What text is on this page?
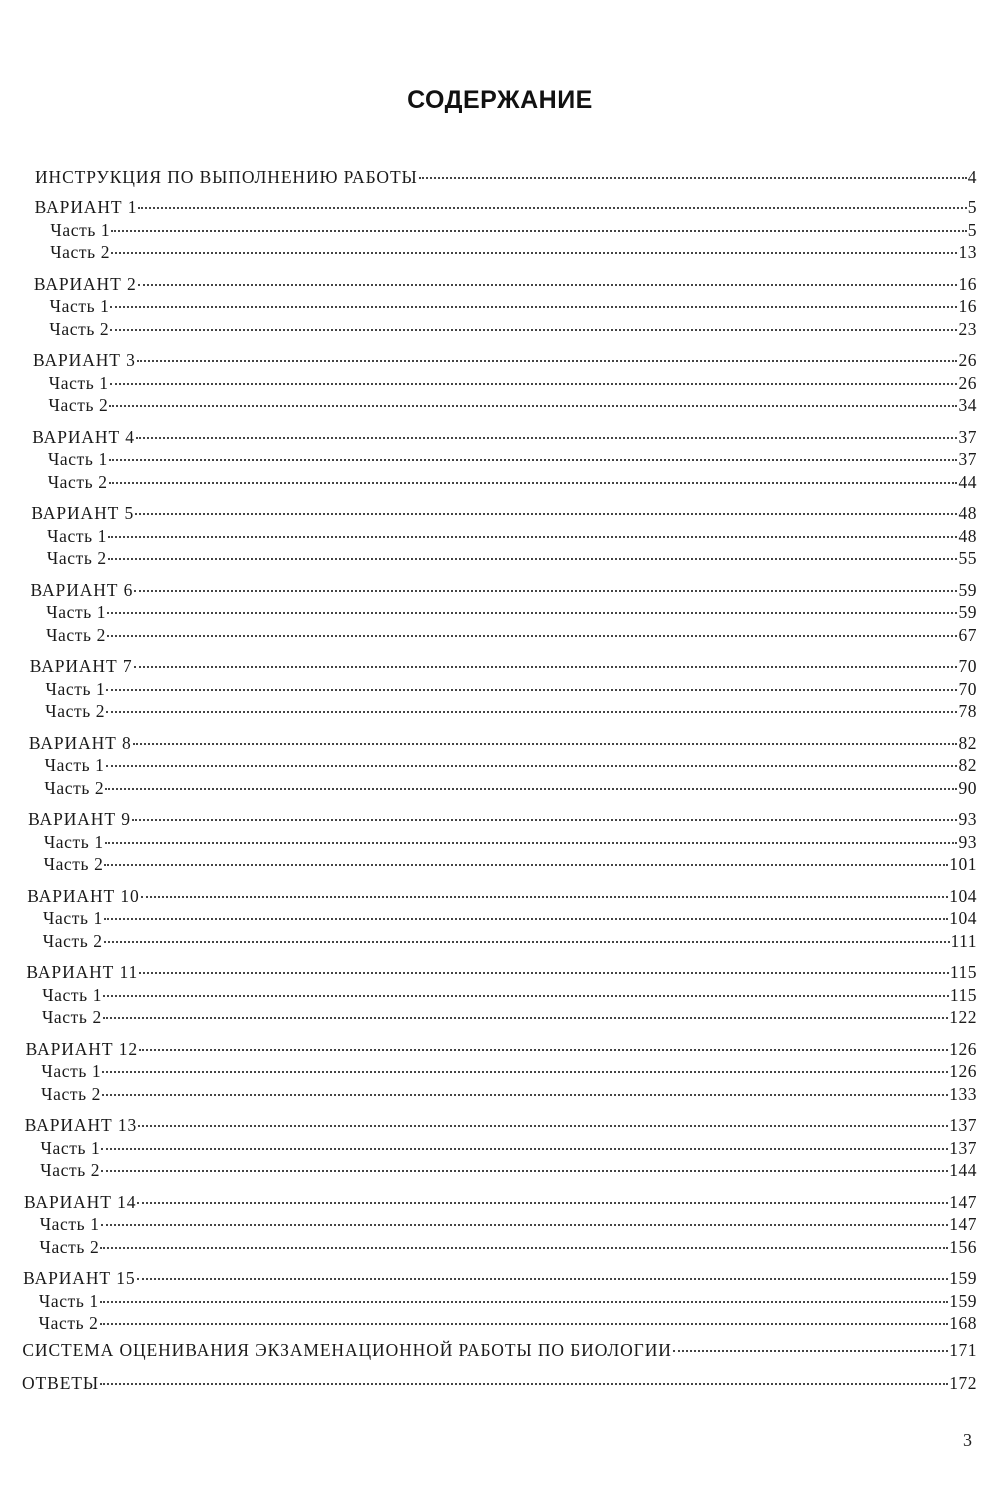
СОДЕРЖАНИЕ
ИНСТРУКЦИЯ ПО ВЫПОЛНЕНИЮ РАБОТЫ	4
ВАРИАНТ 1	5
Часть 1	5
Часть 2	13
ВАРИАНТ 2	16
Часть 1	16
Часть 2	23
ВАРИАНТ 3	26
Часть 1	26
Часть 2	34
ВАРИАНТ 4	37
Часть 1	37
Часть 2	44
ВАРИАНТ 5	48
Часть 1	48
Часть 2	55
ВАРИАНТ 6	59
Часть 1	59
Часть 2	67
ВАРИАНТ 7	70
Часть 1	70
Часть 2	78
ВАРИАНТ 8	82
Часть 1	82
Часть 2	90
ВАРИАНТ 9	93
Часть 1	93
Часть 2	101
ВАРИАНТ 10	104
Часть 1	104
Часть 2	111
ВАРИАНТ 11	115
Часть 1	115
Часть 2	122
ВАРИАНТ 12	126
Часть 1	126
Часть 2	133
ВАРИАНТ 13	137
Часть 1	137
Часть 2	144
ВАРИАНТ 14	147
Часть 1	147
Часть 2	156
ВАРИАНТ 15	159
Часть 1	159
Часть 2	168
СИСТЕМА ОЦЕНИВАНИЯ ЭКЗАМЕНАЦИОННОЙ РАБОТЫ ПО БИОЛОГИИ	171
ОТВЕТЫ	172
3
